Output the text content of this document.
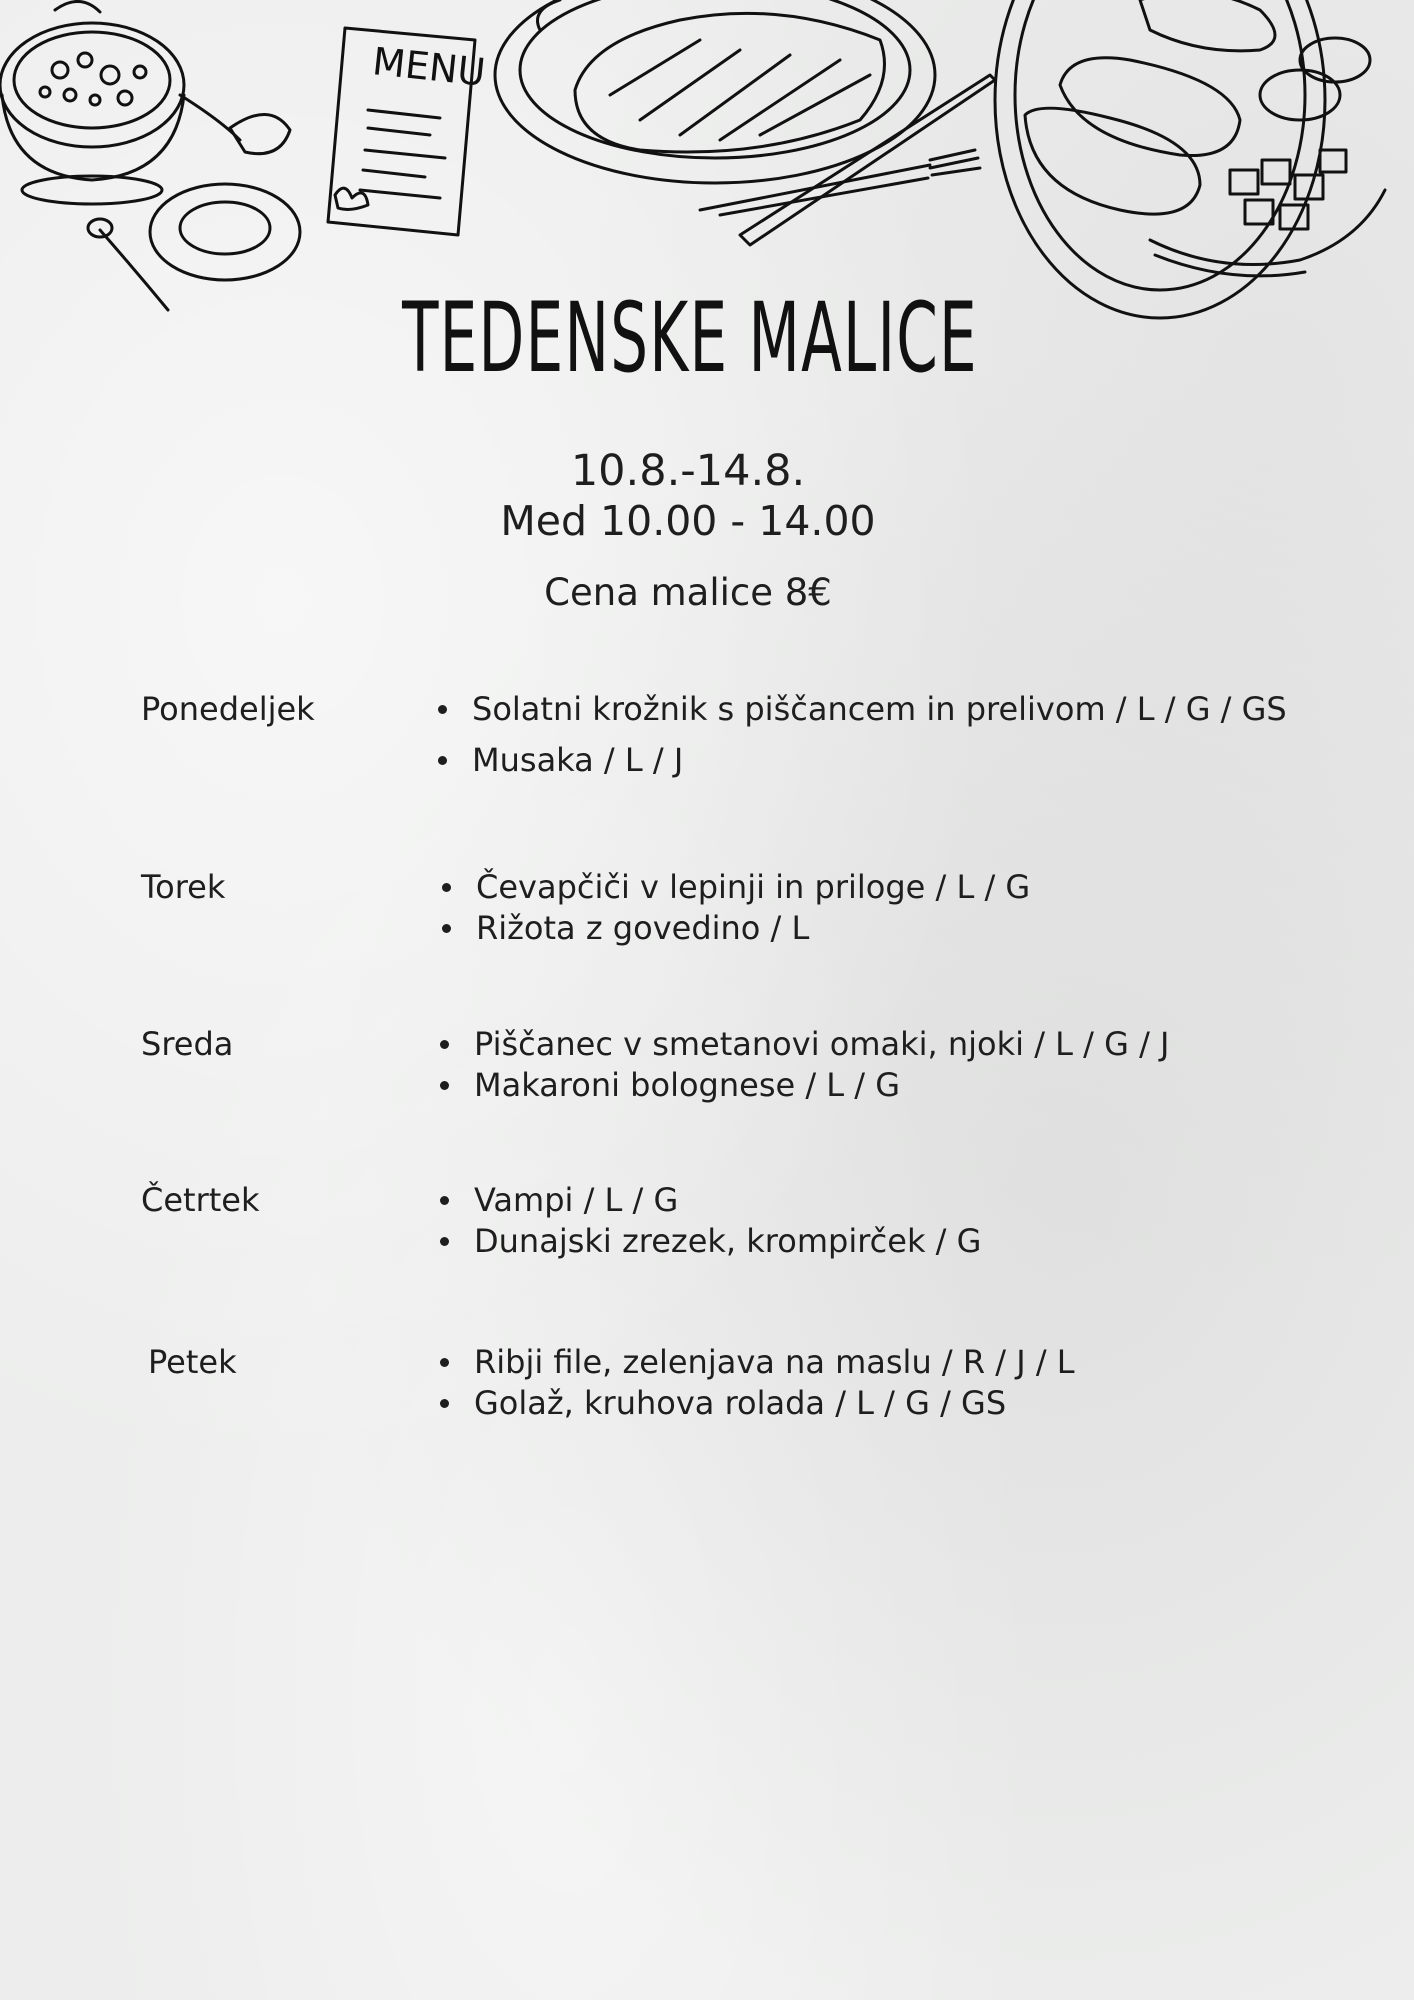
MENU
TEDENSKE MALICE
10.8.-14.8.
Med 10.00 - 14.00
Cena malice 8€
Ponedeljek	Solatni krožnik s piščancem in prelivom / L / G / GS
Musaka / L / J
Torek	Čevapčiči v lepinji in priloge / L / G
Rižota z govedino / L
Sreda	Piščanec v smetanovi omaki, njoki / L / G / J
Makaroni bolognese / L / G
Četrtek	Vampi / L / G
Dunajski zrezek, krompirček / G
Petek	Ribji file, zelenjava na maslu / R / J / L
Golaž, kruhova rolada / L / G / GS
